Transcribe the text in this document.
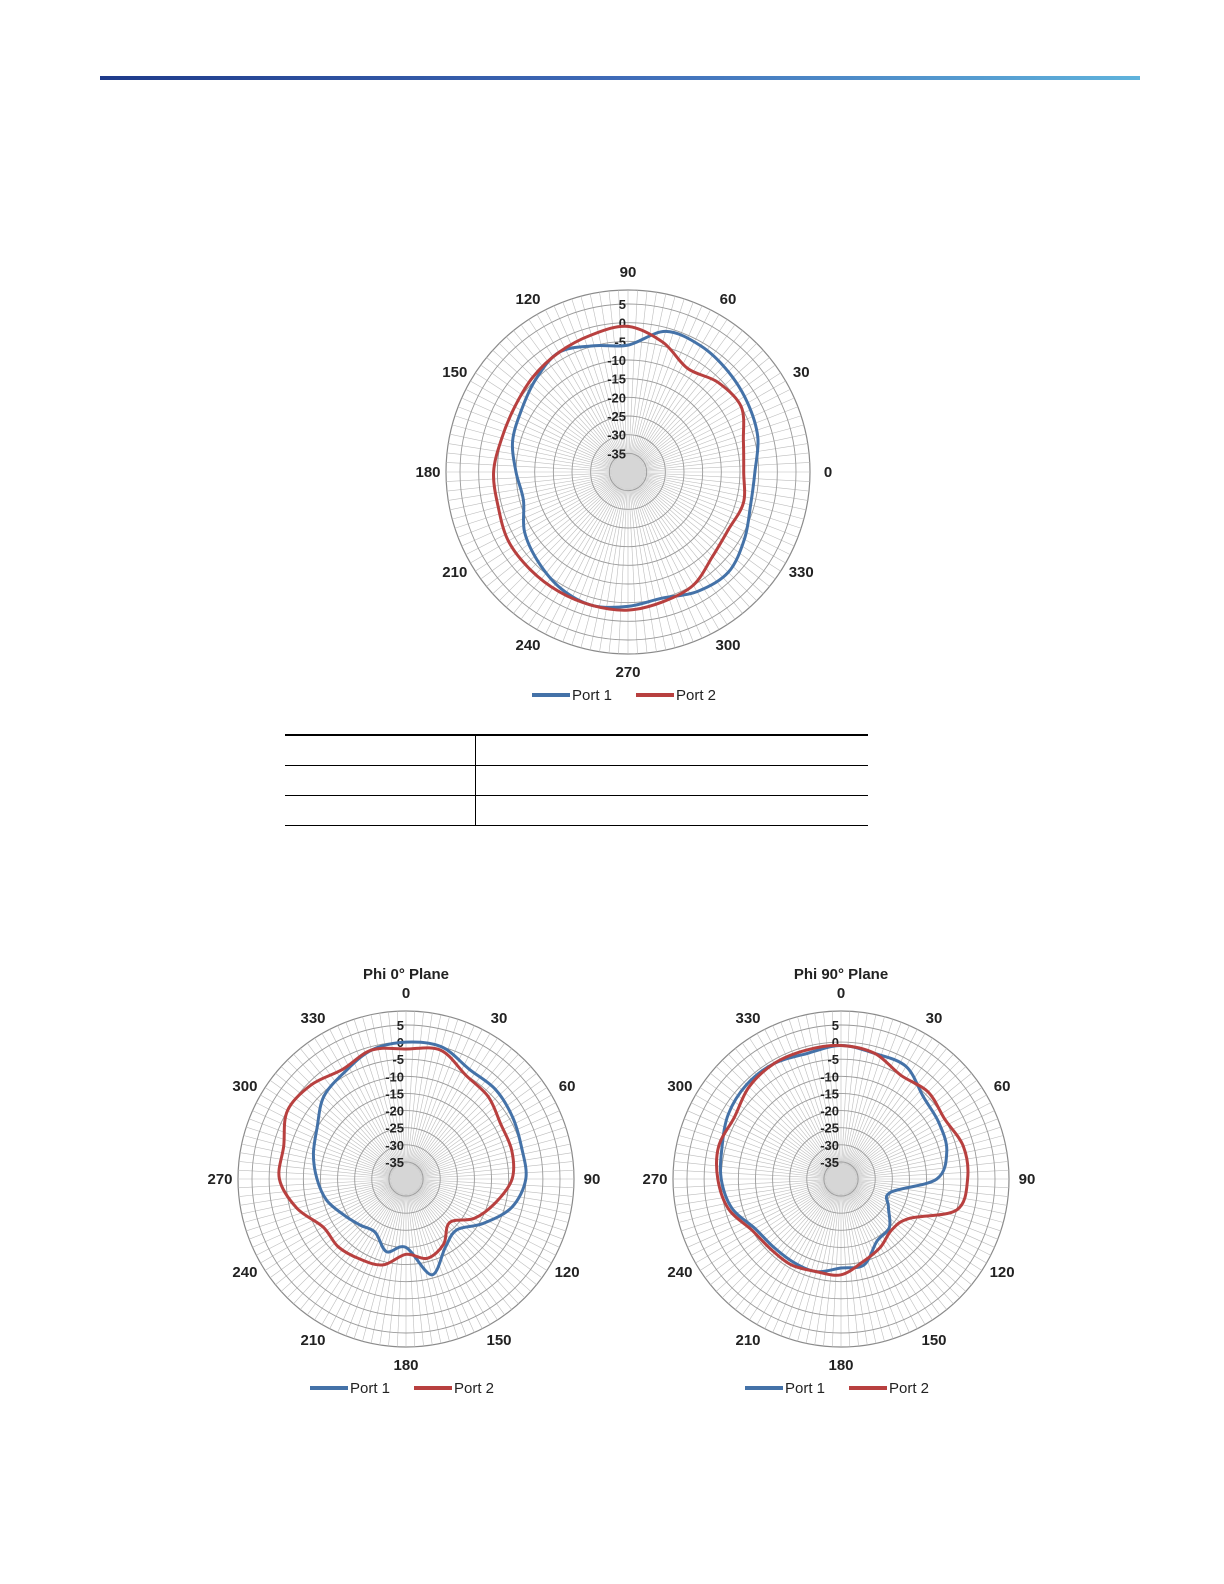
5
0
-5
-10
-15
-20
-25
-30
-35
0
30
60
90
120
150
180
210
240
270
300
330
Port 1	Port 2

Phi 0° Plane
5
0
-5
-10
-15
-20
-25
-30
-35
0
30
60
90
120
150
180
210
240
270
300
330
Port 1	Port 2
Phi 90° Plane
5
0
-5
-10
-15
-20
-25
-30
-35
0
30
60
90
120
150
180
210
240
270
300
330
Port 1	Port 2
